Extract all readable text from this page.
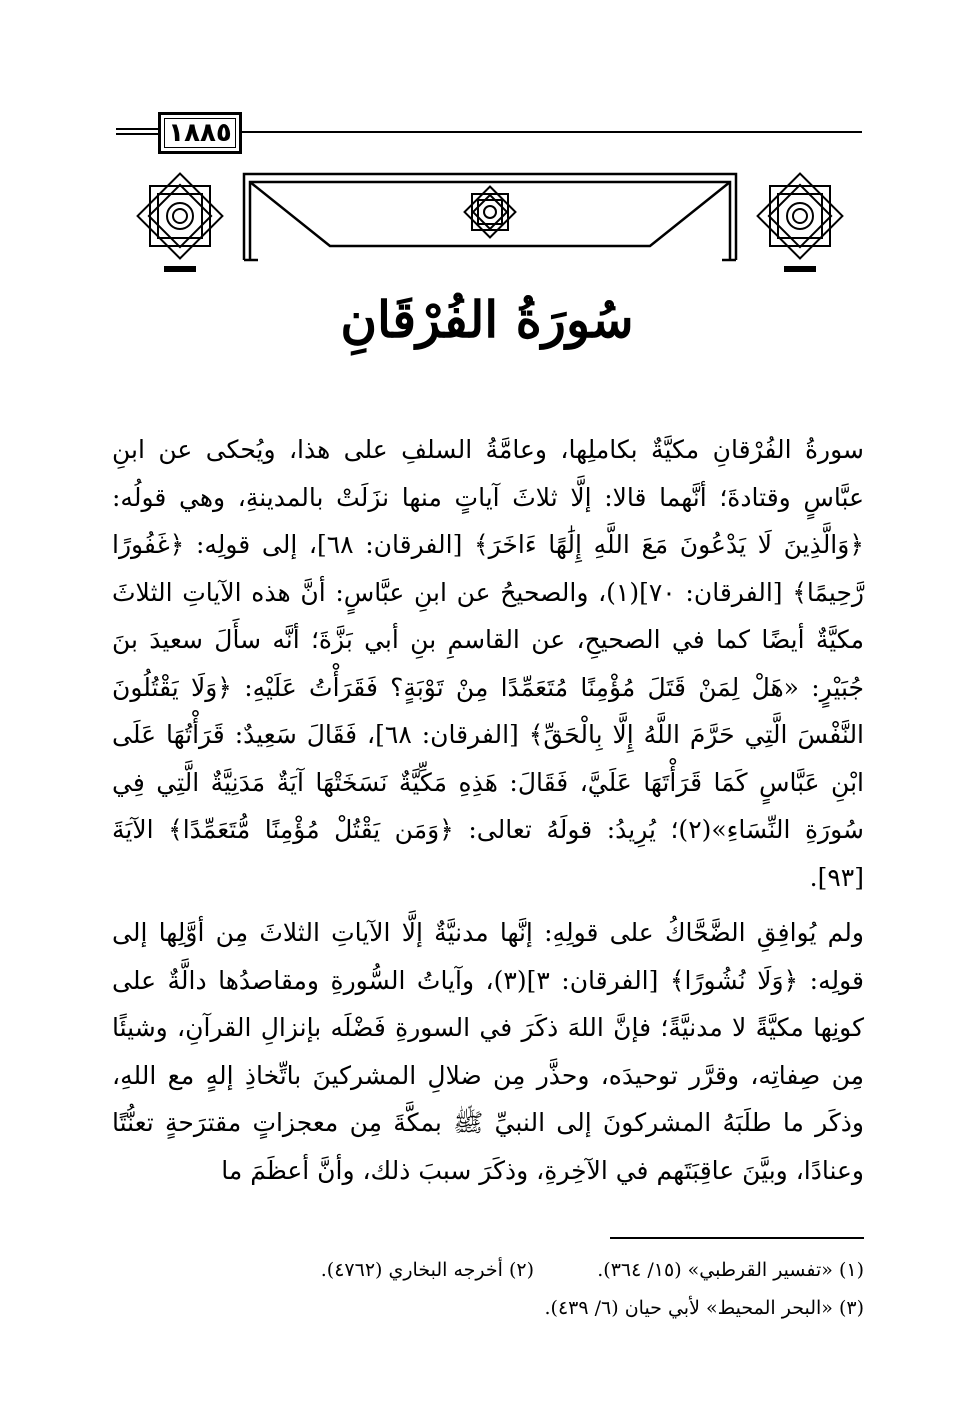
١٨٨٥
سُورَةُ الفُرْقَانِ

سورةُ الفُرْقانِ مكيَّةٌ بكاملِها، وعامَّةُ السلفِ على هذا، ويُحكى عن ابنِ عبَّاسٍ وقتادةَ؛ أنَّهما قالا: إلَّا ثلاثَ آياتٍ منها نزَلَتْ بالمدينةِ، وهي قولُه: ﴿وَالَّذِينَ لَا يَدْعُونَ مَعَ اللَّهِ إِلَٰهًا ءَاخَرَ﴾ [الفرقان: ٦٨]، إلى قولِه: ﴿غَفُورًا رَّحِيمًا﴾ [الفرقان: ٧٠](١)، والصحيحُ عن ابنِ عبَّاسٍ: أنَّ هذه الآياتِ الثلاثَ مكيَّةٌ أيضًا كما في الصحيحِ، عن القاسمِ بنِ أبي بَزَّةَ؛ أنَّه سأَلَ سعيدَ بنَ جُبَيْرٍ: «هَلْ لِمَنْ قَتَلَ مُؤْمِنًا مُتَعَمِّدًا مِنْ تَوْبَةٍ؟ فَقَرَأْتُ عَلَيْهِ: ﴿وَلَا يَقْتُلُونَ النَّفْسَ الَّتِي حَرَّمَ اللَّهُ إِلَّا بِالْحَقِّ﴾ [الفرقان: ٦٨]، فَقَالَ سَعِيدٌ: قَرَأْتُهَا عَلَى ابْنِ عَبَّاسٍ كَمَا قَرَأْتَهَا عَلَيَّ، فَقَالَ: هَذِهِ مَكِّيَّةٌ نَسَخَتْهَا آيَةٌ مَدَنِيَّةٌ الَّتِي فِي سُورَةِ النِّسَاءِ»(٢)؛ يُرِيدُ: قولَهُ تعالى: ﴿وَمَن يَقْتُلْ مُؤْمِنًا مُّتَعَمِّدًا﴾ الآيَةَ [٩٣].

ولم يُوافِقِ الضَّحَّاكُ على قولِهِ: إنَّها مدنيَّةٌ إلَّا الآياتِ الثلاثَ مِن أوَّلِها إلى قولِه: ﴿وَلَا نُشُورًا﴾ [الفرقان: ٣](٣)، وآياتُ السُّورةِ ومقاصدُها دالَّةٌ على كونِها مكيَّةً لا مدنيَّةً؛ فإنَّ اللهَ ذكَرَ في السورةِ فَضْلَه بإنزالِ القرآنِ، وشيئًا مِن صِفاتِه، وقرَّر توحيدَه، وحذَّر مِن ضلالِ المشركينَ باتِّخاذِ إلهٍ مع اللهِ، وذكَر ما طلَبَهُ المشركونَ إلى النبيِّ ﷺ بمكَّةَ مِن معجزاتٍ مقترَحةٍ تعنُّتًا وعنادًا، وبيَّنَ عاقِبَتَهم في الآخِرةِ، وذكَرَ سببَ ذلك، وأنَّ أعظَمَ ما

(١) «تفسير القرطبي» (١٥/ ٣٦٤).
(٢) أخرجه البخاري (٤٧٦٢).
(٣) «البحر المحيط» لأبي حيان (٦/ ٤٣٩).
